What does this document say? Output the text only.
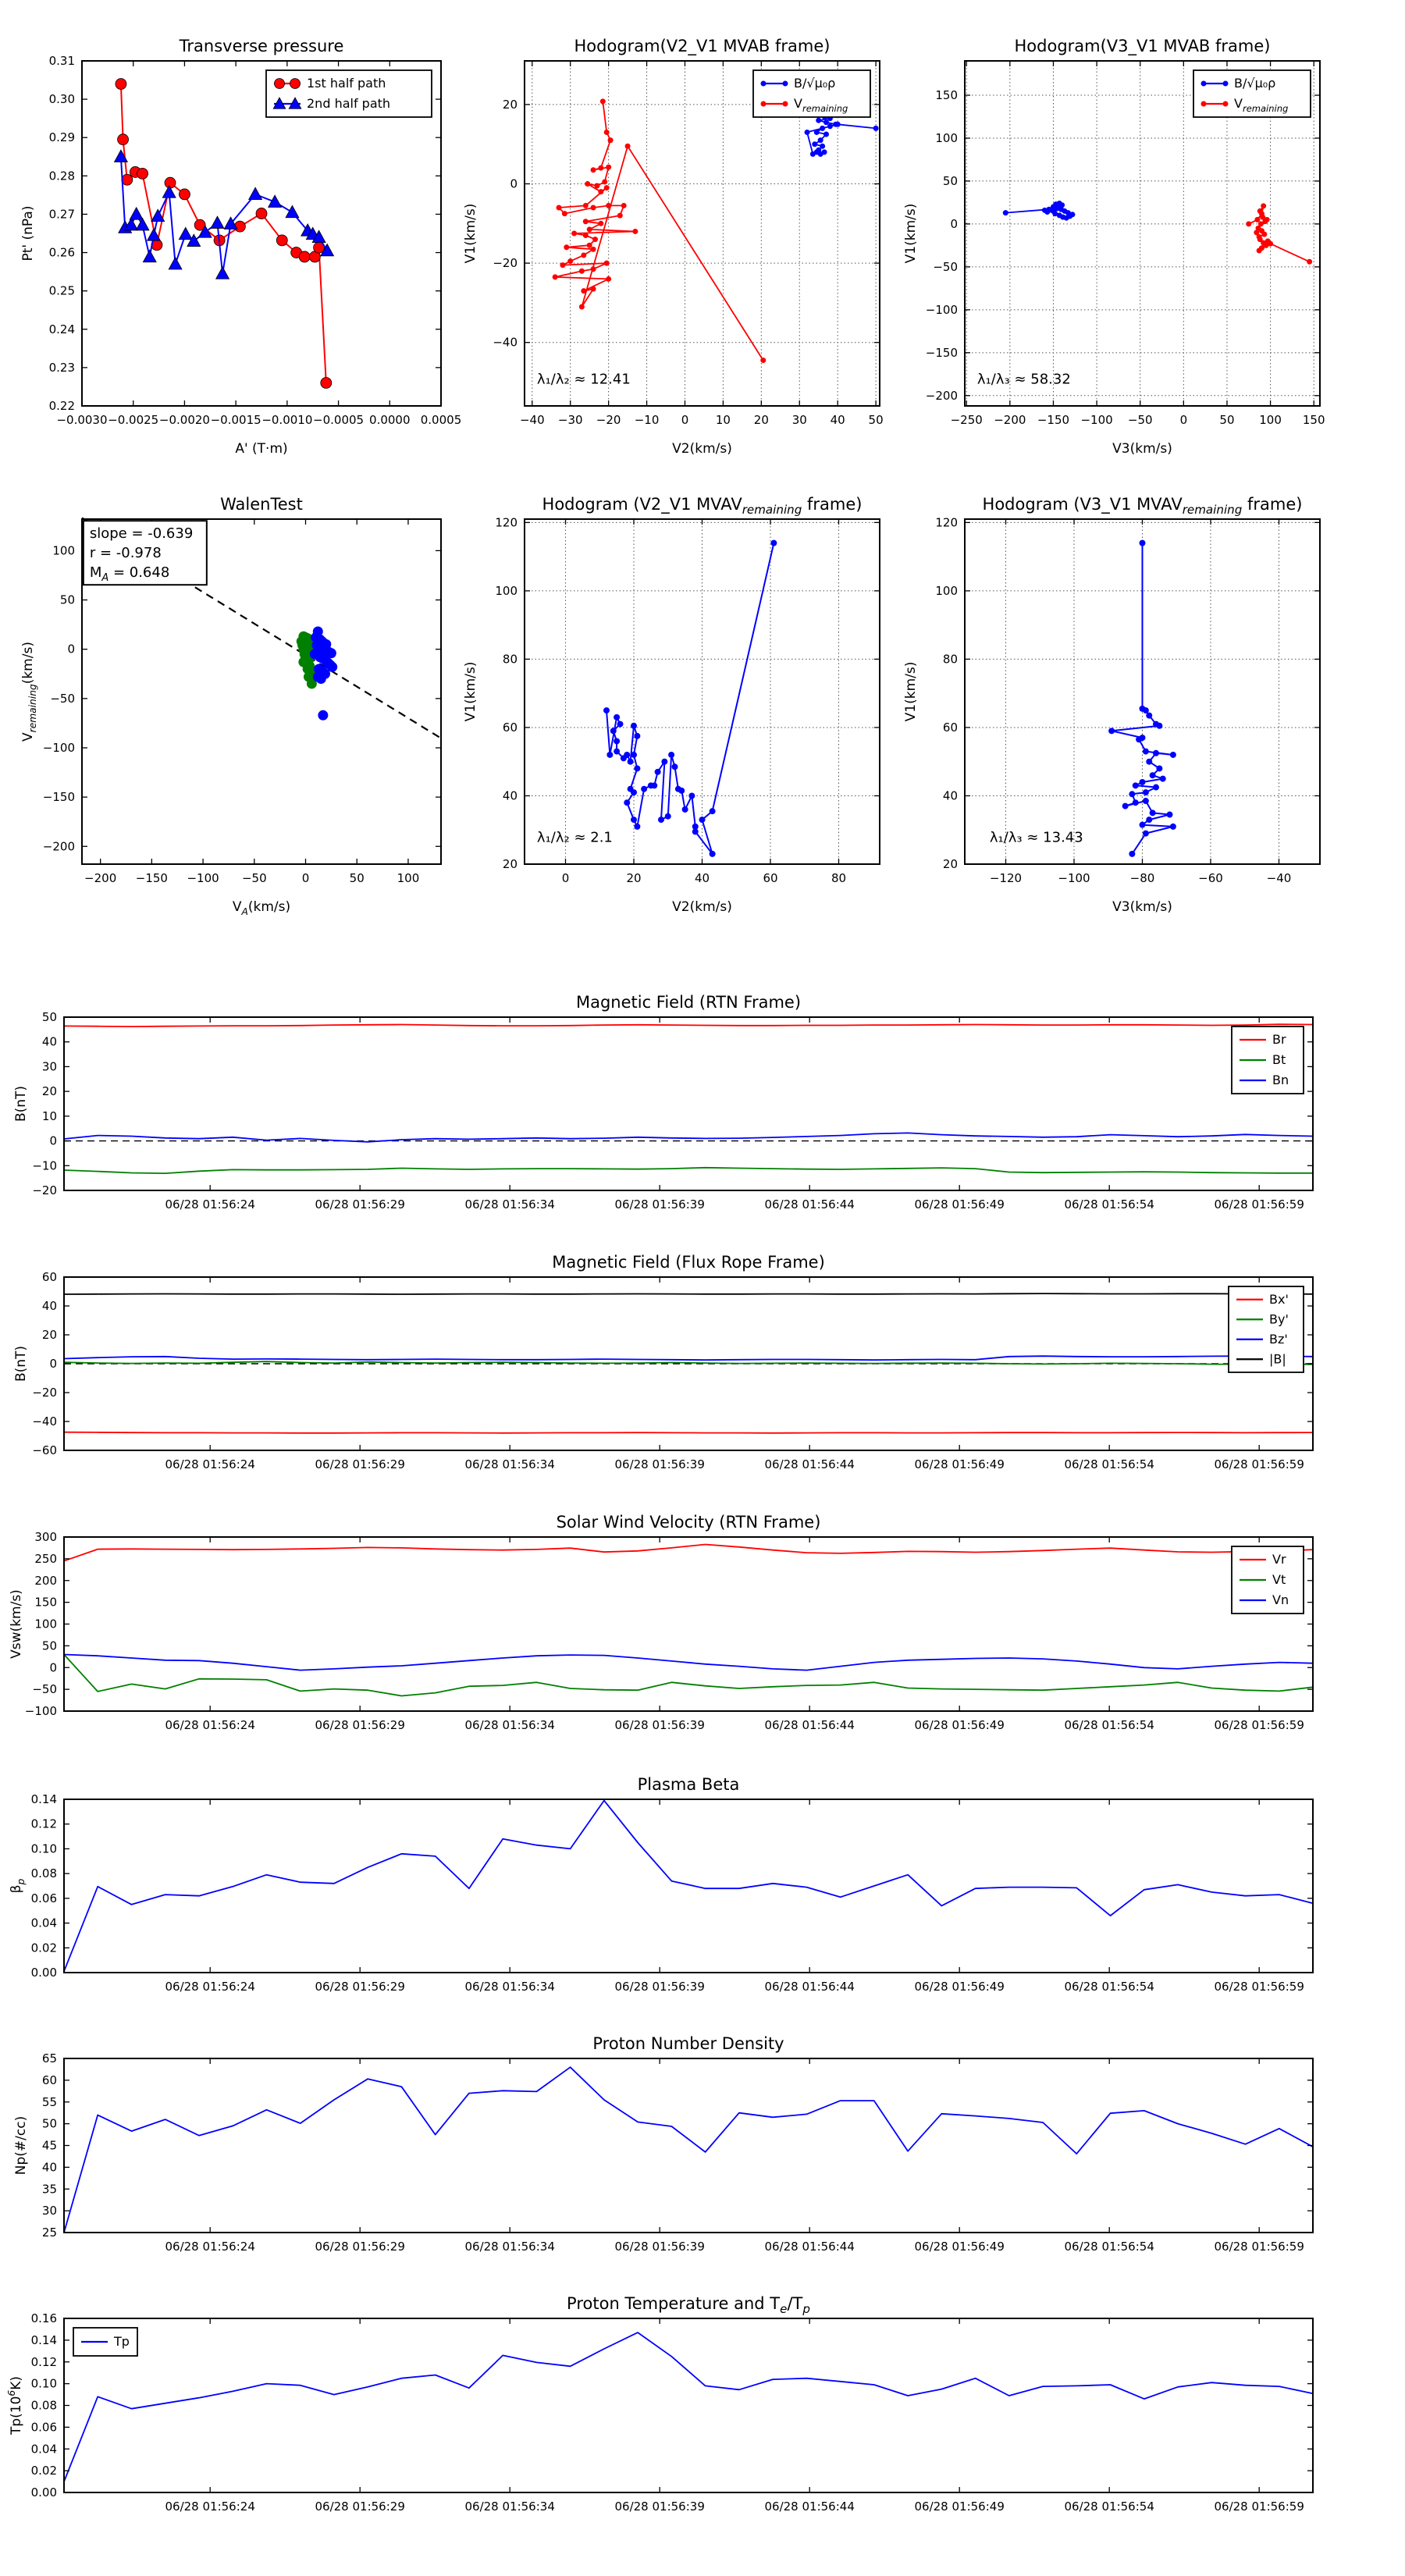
−0.0030 −0.0025 −0.0020 −0.0015 −0.0010 −0.0005 0.0000 0.0005
0.22
0.23
0.24
0.25
0.26
0.27
0.28
0.29
0.30
0.31
Transverse pressure
A' (T·m)
Pt' (nPa)
1st half path
2nd half path
−40 −30 −20 −10 0 10 20 30 40 50
−40
−20
0
20
Hodogram(V2_V1 MVAB frame)
V2(km/s)
V1(km/s)
B/√μ₀ρ
$V_{remaining}$
λ₁/λ₂ ≈ 12.41
−250 −200 −150 −100 −50 0	50 100 150
−200
−150
−100
−50
0
50
100
150
Hodogram(V3_V1 MVAB frame)
V3(km/s)
V1(km/s)
B/√μ₀ρ
$V_{remaining}$
λ₁/λ₃ ≈ 58.32
−200 −150 −100 −50	0	50	100
−200
−150
−100
−50
0
50
100
WalenTest
$V_A(km/s)$
$V_{remaining}(km/s)$
slope = -0.639
r = -0.978
$M_A = 0.648$
0	20	40	60	80
20
40
60
80
100
120
Hodogram (V2_V1 $MVAV_{remaining}$ frame)
V2(km/s)
V1(km/s)
λ₁/λ₂ ≈ 2.1
−120	−100	−80	−60	−40
20
40
60
80
100
120
Hodogram (V3_V1 $MVAV_{remaining}$ frame)
V3(km/s)
V1(km/s)
λ₁/λ₃ ≈ 13.43
06/28 01:56:24	06/28 01:56:29	06/28 01:56:34	06/28 01:56:39	06/28 01:56:44	06/28 01:56:49	06/28 01:56:54	06/28 01:56:59
−20
−10
0
10
20
30
40
50
Magnetic Field (RTN Frame)
B(nT)
Br
Bt
Bn
06/28 01:56:24	06/28 01:56:29	06/28 01:56:34	06/28 01:56:39	06/28 01:56:44	06/28 01:56:49	06/28 01:56:54	06/28 01:56:59
−60
−40
−20
0
20
40
60
Magnetic Field (Flux Rope Frame)
B(nT)
Bx'
By'
Bz'
|B|
06/28 01:56:24	06/28 01:56:29	06/28 01:56:34	06/28 01:56:39	06/28 01:56:44	06/28 01:56:49	06/28 01:56:54	06/28 01:56:59
−100
−50
0
50
100
150
200
250
300
Solar Wind Velocity (RTN Frame)
Vsw(km/s)
Vr
Vt
Vn
06/28 01:56:24	06/28 01:56:29	06/28 01:56:34	06/28 01:56:39	06/28 01:56:44	06/28 01:56:49	06/28 01:56:54	06/28 01:56:59
0.00
0.02
0.04
0.06
0.08
0.10
0.12
0.14
Plasma Beta
$\beta_p$
06/28 01:56:24	06/28 01:56:29	06/28 01:56:34	06/28 01:56:39	06/28 01:56:44	06/28 01:56:49	06/28 01:56:54	06/28 01:56:59
25
30
35
40
45
50
55
60
65
Proton Number Density
Np(#/cc)
06/28 01:56:24	06/28 01:56:29	06/28 01:56:34	06/28 01:56:39	06/28 01:56:44	06/28 01:56:49	06/28 01:56:54	06/28 01:56:59
0.00
0.02
0.04
0.06
0.08
0.10
0.12
0.14
0.16
Proton Temperature and $T_e/T_p$
$Tp(10^6K)$
Tp
